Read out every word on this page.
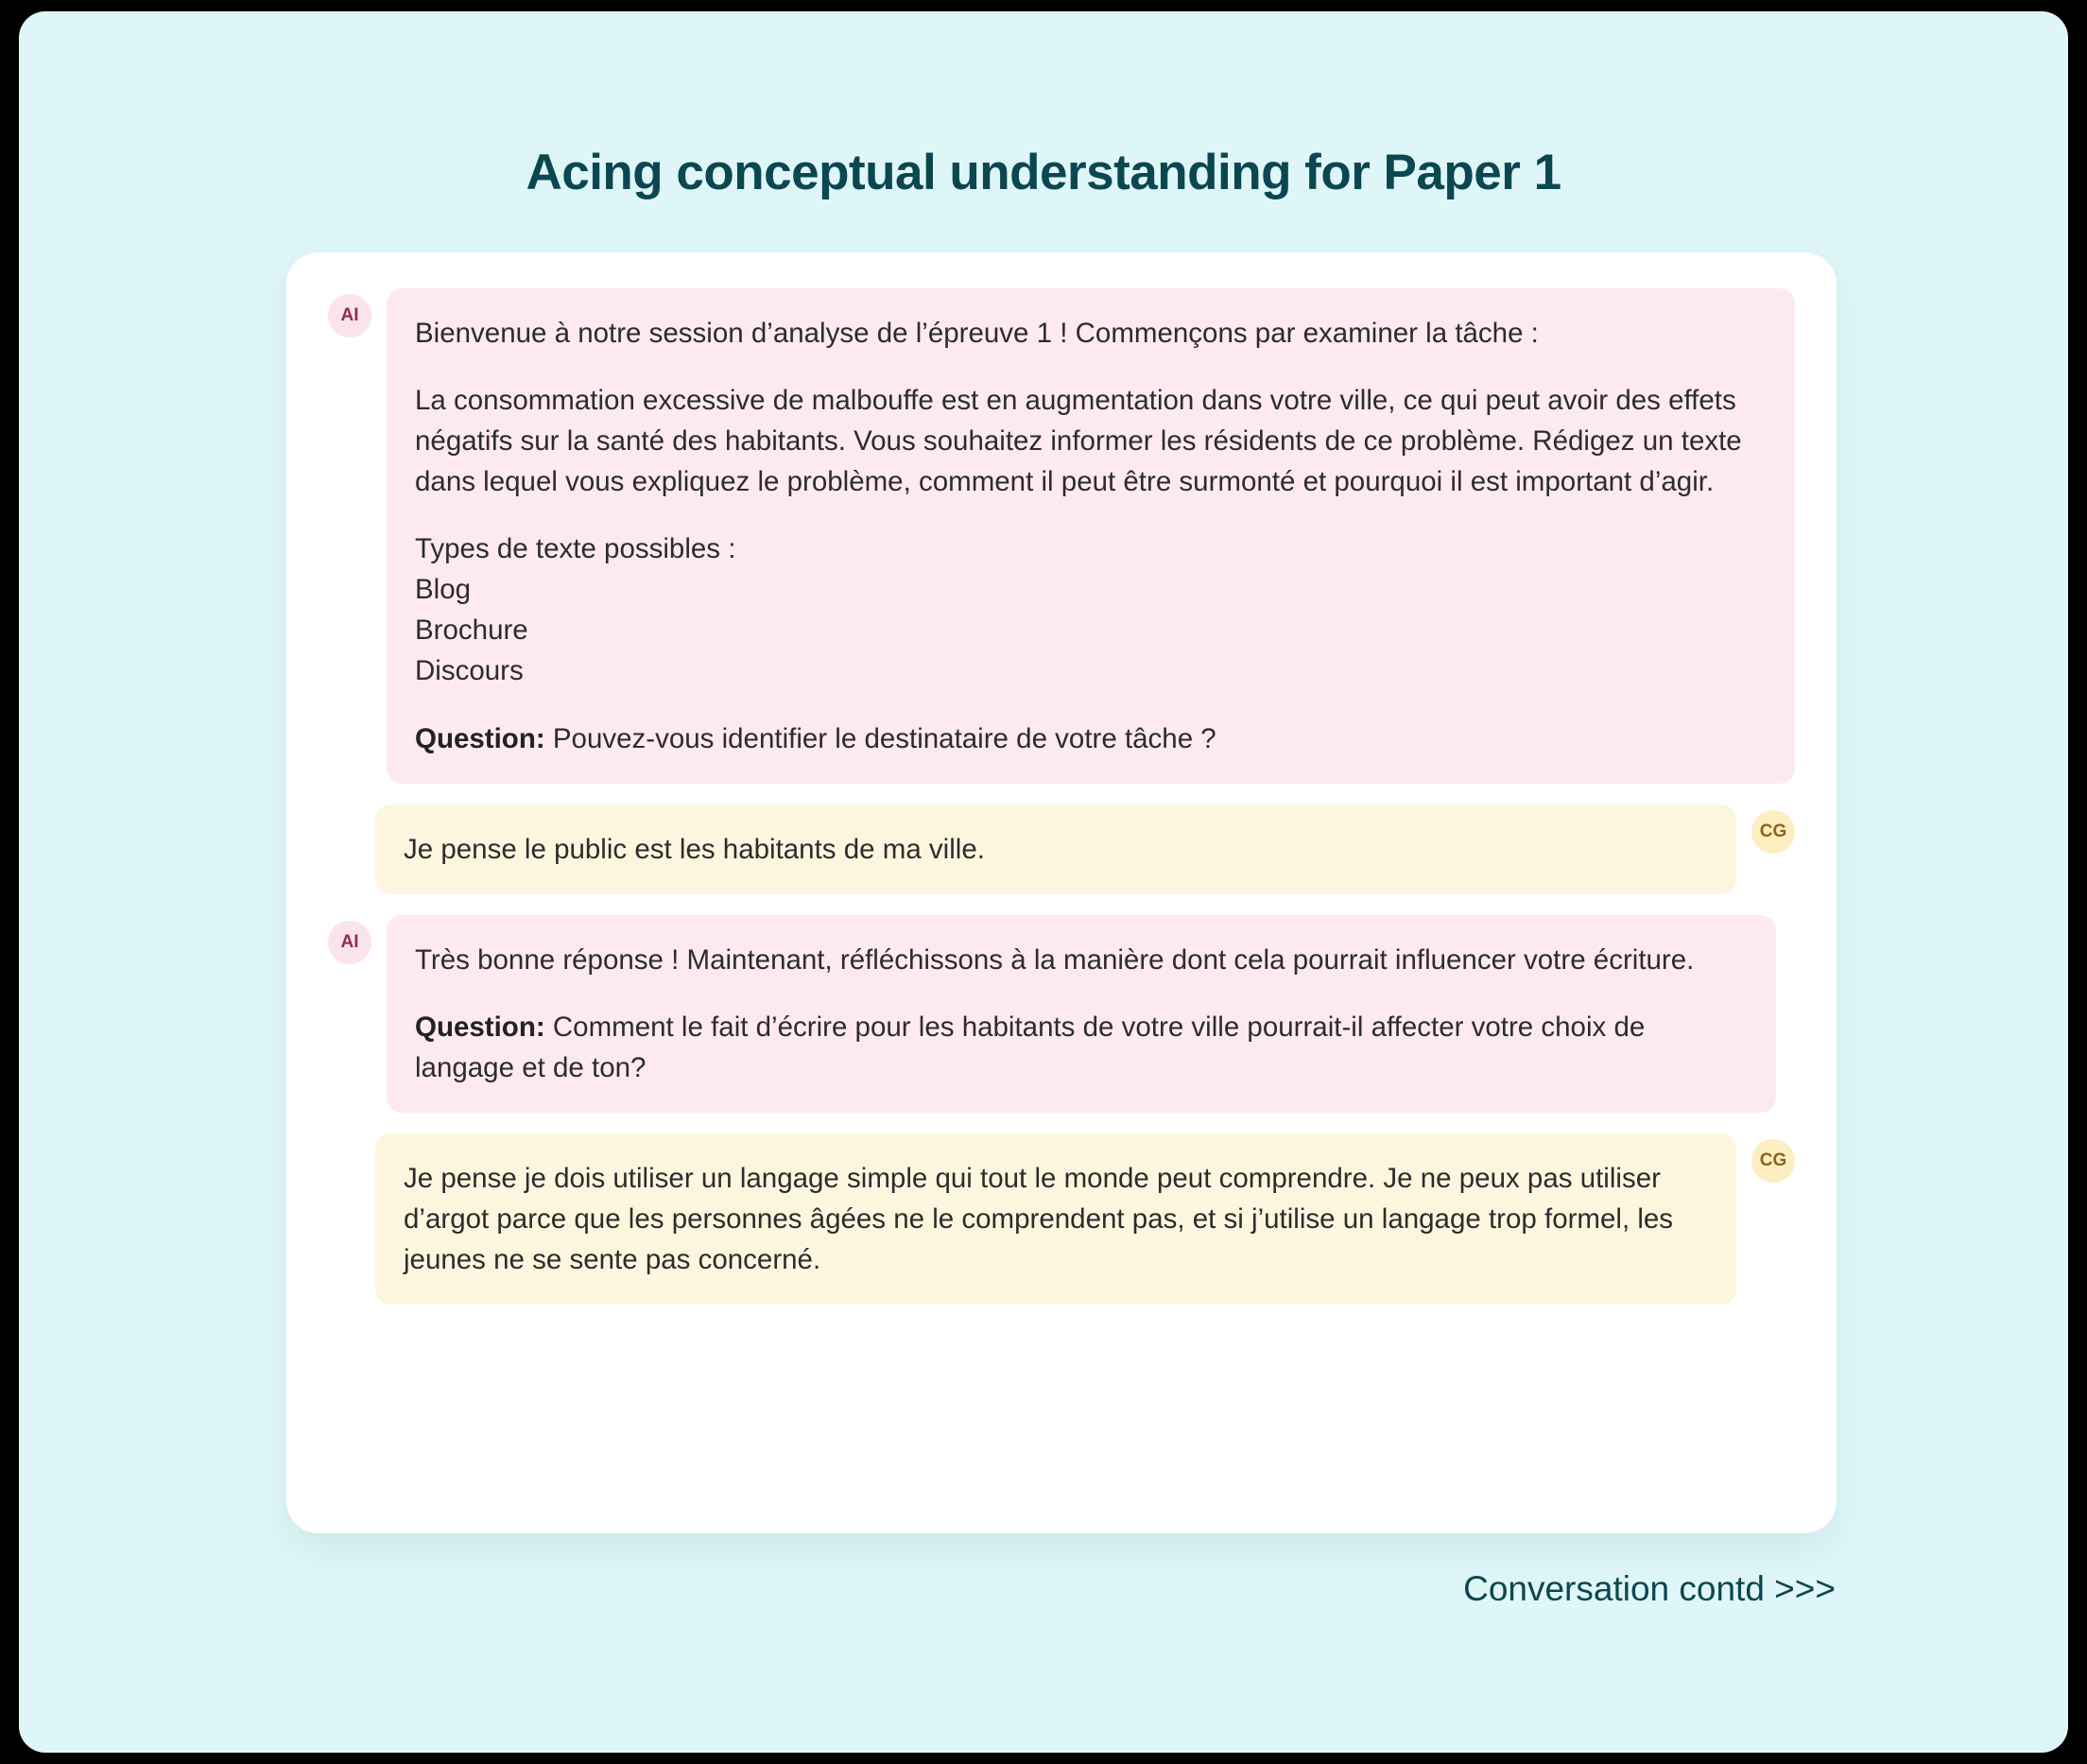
Acing conceptual understanding for Paper 1
AI

Bienvenue à notre session d’analyse de l’épreuve 1 ! Commençons par examiner la tâche :

La consommation excessive de malbouffe est en augmentation dans votre ville, ce qui peut avoir des effets négatifs sur la santé des habitants. Vous souhaitez informer les résidents de ce problème. Rédigez un texte dans lequel vous expliquez le problème, comment il peut être surmonté et pourquoi il est important d’agir.

Types de texte possibles :

Blog

Brochure

Discours

Question: Pouvez-vous identifier le destinataire de votre tâche ?

Je pense le public est les habitants de ma ville.

CG
AI

Très bonne réponse ! Maintenant, réfléchissons à la manière dont cela pourrait influencer votre écriture.

Question: Comment le fait d’écrire pour les habitants de votre ville pourrait-il affecter votre choix de langage et de ton?

Je pense je dois utiliser un langage simple qui tout le monde peut comprendre. Je ne peux pas utiliser d’argot parce que les personnes âgées ne le comprendent pas, et si j’utilise un langage trop formel, les jeunes ne se sente pas concerné.

CG
Conversation contd >>>
